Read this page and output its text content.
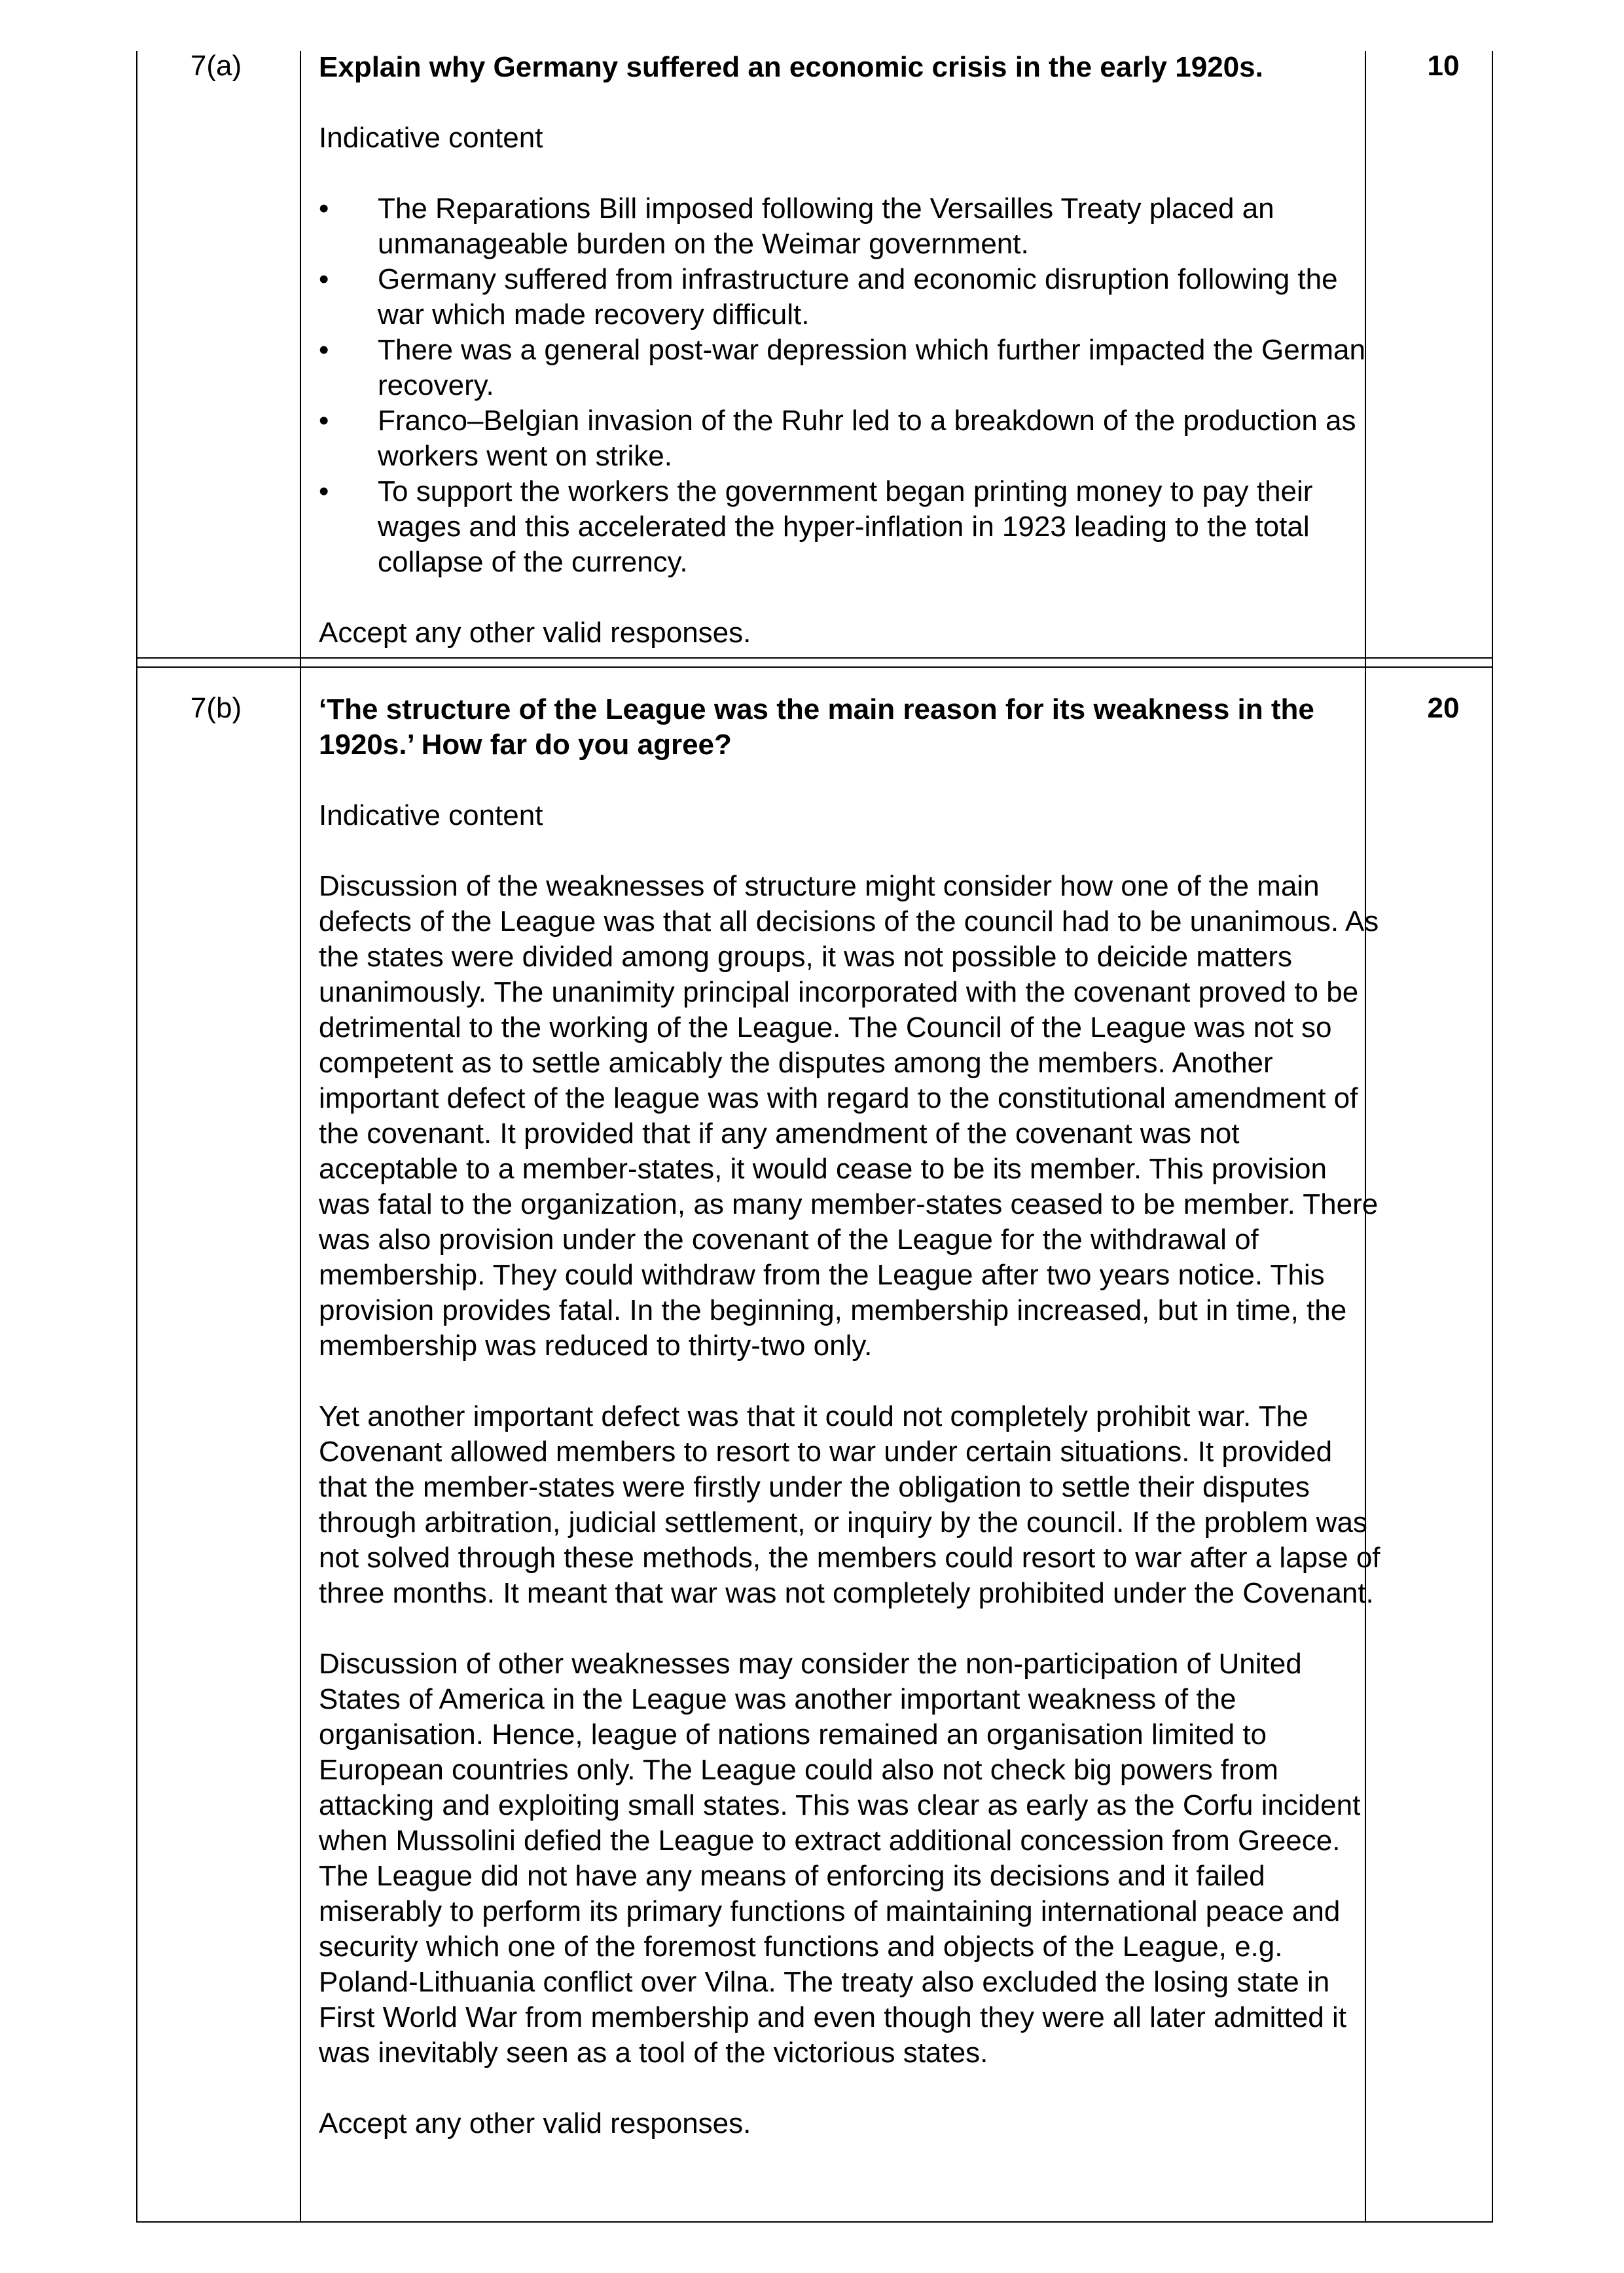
7(a)	10

Explain why Germany suffered an economic crisis in the early 1920s.

Indicative content

• The Reparations Bill imposed following the Versailles Treaty placed an unmanageable burden on the Weimar government.
• Germany suffered from infrastructure and economic disruption following the war which made recovery difficult.
• There was a general post-war depression which further impacted the German recovery.
• Franco–Belgian invasion of the Ruhr led to a breakdown of the production as workers went on strike.
• To support the workers the government began printing money to pay their wages and this accelerated the hyper-inflation in 1923 leading to the total collapse of the currency.

Accept any other valid responses.

7(b)	20

‘The structure of the League was the main reason for its weakness in the 1920s.’ How far do you agree?

Indicative content

Discussion of the weaknesses of structure might consider how one of the main defects of the League was that all decisions of the council had to be unanimous. As the states were divided among groups, it was not possible to deicide matters unanimously. The unanimity principal incorporated with the covenant proved to be detrimental to the working of the League. The Council of the League was not so competent as to settle amicably the disputes among the members. Another important defect of the league was with regard to the constitutional amendment of the covenant. It provided that if any amendment of the covenant was not acceptable to a member-states, it would cease to be its member. This provision was fatal to the organization, as many member-states ceased to be member. There was also provision under the covenant of the League for the withdrawal of membership. They could withdraw from the League after two years notice. This provision provides fatal. In the beginning, membership increased, but in time, the membership was reduced to thirty-two only.

Yet another important defect was that it could not completely prohibit war. The Covenant allowed members to resort to war under certain situations. It provided that the member-states were firstly under the obligation to settle their disputes through arbitration, judicial settlement, or inquiry by the council. If the problem was not solved through these methods, the members could resort to war after a lapse of three months. It meant that war was not completely prohibited under the Covenant.

Discussion of other weaknesses may consider the non-participation of United States of America in the League was another important weakness of the organisation. Hence, league of nations remained an organisation limited to European countries only. The League could also not check big powers from attacking and exploiting small states. This was clear as early as the Corfu incident when Mussolini defied the League to extract additional concession from Greece. The League did not have any means of enforcing its decisions and it failed miserably to perform its primary functions of maintaining international peace and security which one of the foremost functions and objects of the League, e.g. Poland-Lithuania conflict over Vilna. The treaty also excluded the losing state in First World War from membership and even though they were all later admitted it was inevitably seen as a tool of the victorious states.

Accept any other valid responses.
